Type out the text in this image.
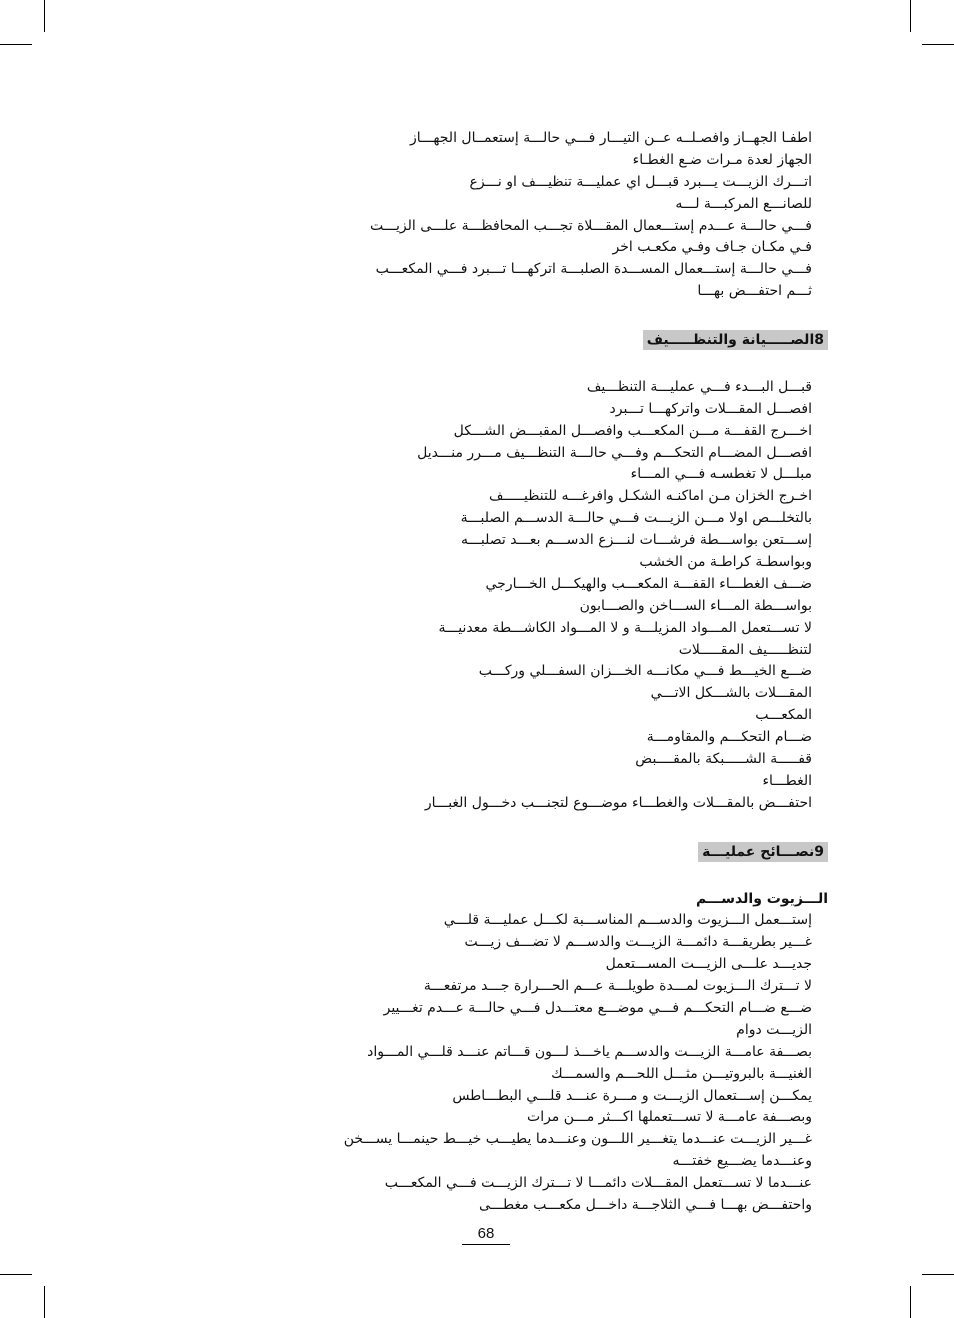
اطفـا الجهــاز وافصـلــه عــن التيـــار فـــي حالـــة إستعمــال الجهـــاز
الجهاز لعدة مـرات ضـع الغطـاء
اتـــرك الزيـــت يـــبرد قبـــل اي عمليـــة تنظيـــف او نـــزع
للصانـــع المركبـــة لـــه
فـــي حالـــة عـــدم إستـــعمال المقـــلاة تجـــب المحافظـــة علـــى الزيـــت
فـي مكـان جـاف وفـي مكعـب اخر
فـــي حالـــة إستـــعمال المســـدة الصلبـــة اتركهـــا تـــبرد فـــي المكعـــب
ثـــم احتفـــض بهـــا
8الصـــــيانة والتنظـــــيف
قبـــل البـــدء فـــي عمليـــة التنظـــيف
افصـــل المقـــلات واتركهـــا تـــبرد
اخـــرج القفـــة مـــن المكعـــب وافصـــل المقبـــض الشـــكل
افصـــل المضـــام التحكـــم وفـــي حالـــة التنظـــيف مـــرر منـــديل
مبلـــل لا تغطسـه فـــي المـــاء
اخـرج الخزان مـن اماكنـه الشكـل وافرغـــه للتنظيـــــف
بالتخلـــص اولا مـــن الزيـــت فـــي حالـــة الدســـم الصلبـــة
إســـتعن بواســـطة فرشـــات لنـــزع الدســـم بعـــد تصلبـــه
وبواسطـة كراطـة من الخشب
ضـــف الغطـــاء القفـــة المكعـــب والهيكـــل الخـــارجي
بواســـطة المـــاء الســـاخن والصـــابون
لا تســـتعمل المـــواد المزيلـــة و لا المـــواد الكاشـــطة معدنيـــة
لتنظـــــيف المقـــــلات
ضـــع الخيـــط فـــي مكانـــه الخـــزان السفـــلي وركـــب
المقـــلات بالشـــكل الاتـــي
المكعـــب
ضـــام التحكـــم والمقاومـــة
قفـــــة الشـــــبكة بالمقــــبض
الغطـــاء
احتفـــض بالمقـــلات والغطـــاء موضـــوع لتجنـــب دخـــول الغبـــار
9نصـــائح عمليـــة
الـــزيوت والدســـم
إستـــعمل الـــزيوت والدســـم المناســـبة لكـــل عمليـــة قلـــي
غـــير بطريقـــة دائمـــة الزيـــت والدســـم لا تضـــف زيـــت
جديـــد علـــى الزيـــت المســـتعمل
لا تـــترك الـــزيوت لمـــدة طويلـــة عـــم الحـــرارة جـــد مرتفعـــة
ضـــع ضـــام التحكـــم فـــي موضـــع معتـــدل فـــي حالـــة عـــدم تغـــيير
الزيـــت دوام
بصـــفة عامـــة الزيـــت والدســـم ياخـــذ لـــون قـــاتم عنـــد قلـــي المـــواد
الغنيـــة بالبروتيـــن مثـــل اللحـــم والسمـــك
يمكـــن إســـتعمال الزيـــت و مـــرة عنـــد قلـــي البطـــاطس
وبصـــفة عامـــة لا تســـتعملها اكـــثر مـــن مرات
غـــير الزيـــت عنـــدما يتغـــير اللـــون وعنـــدما يطيـــب خيـــط حينمـــا يســـخن
وعنـــدما يضـــيع خفتـــه
عنـــدما لا تســـتعمل المقـــلات دائمـــا لا تـــترك الزيـــت فـــي المكعـــب
واحتفـــض بهـــا فـــي الثلاجـــة داخـــل مكعـــب مغطـــى
68
